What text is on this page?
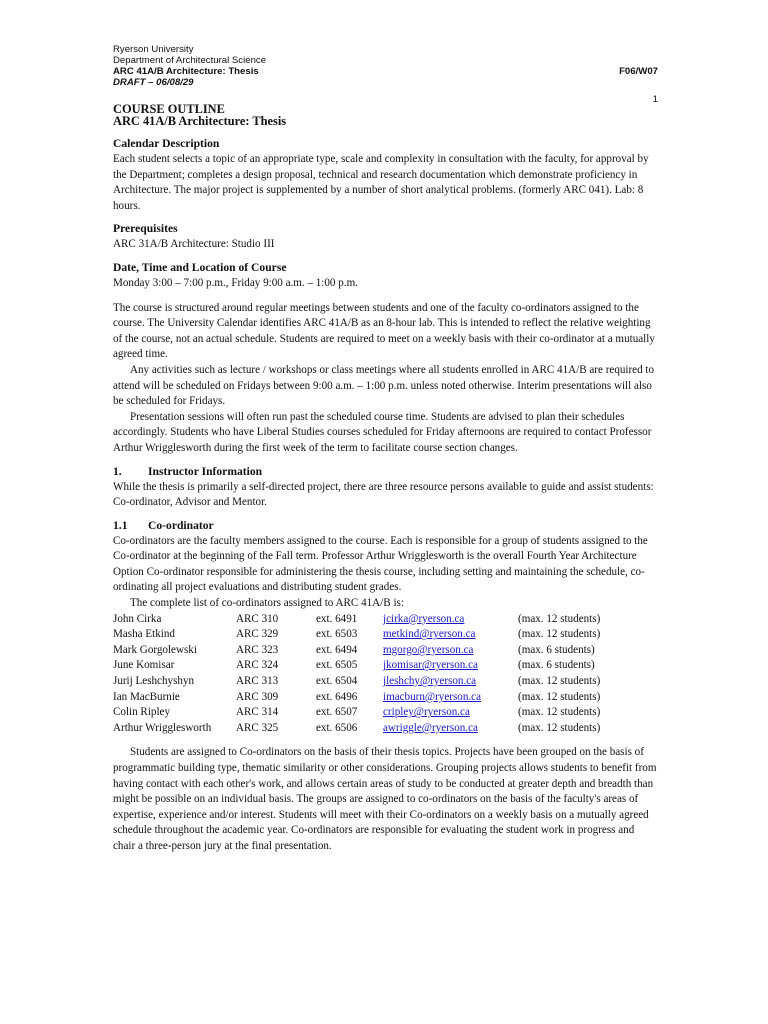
Ryerson University
Department of Architectural Science
ARC 41A/B Architecture: Thesis	F06/W07
DRAFT – 06/08/29
1
COURSE OUTLINE
ARC 41A/B Architecture: Thesis
Calendar Description

Each student selects a topic of an appropriate type, scale and complexity in consultation with the faculty, for approval by the Department; completes a design proposal, technical and research documentation which demonstrate proficiency in Architecture. The major project is supplemented by a number of short analytical problems. (formerly ARC 041). Lab: 8 hours.

Prerequisites

ARC 31A/B Architecture: Studio III

Date, Time and Location of Course

Monday 3:00 – 7:00 p.m., Friday 9:00 a.m. – 1:00 p.m.

The course is structured around regular meetings between students and one of the faculty co-ordinators assigned to the course. The University Calendar identifies ARC 41A/B as an 8-hour lab. This is intended to reflect the relative weighting of the course, not an actual schedule. Students are required to meet on a weekly basis with their co-ordinator at a mutually agreed time.

Any activities such as lecture / workshops or class meetings where all students enrolled in ARC 41A/B are required to attend will be scheduled on Fridays between 9:00 a.m. – 1:00 p.m. unless noted otherwise. Interim presentations will also be scheduled for Fridays.

Presentation sessions will often run past the scheduled course time. Students are advised to plan their schedules accordingly. Students who have Liberal Studies courses scheduled for Friday afternoons are required to contact Professor Arthur Wrigglesworth during the first week of the term to facilitate course section changes.

1.	Instructor Information

While the thesis is primarily a self-directed project, there are three resource persons available to guide and assist students: Co-ordinator, Advisor and Mentor.

1.1	Co-ordinator

Co-ordinators are the faculty members assigned to the course. Each is responsible for a group of students assigned to the Co-ordinator at the beginning of the Fall term. Professor Arthur Wrigglesworth is the overall Fourth Year Architecture Option Co-ordinator responsible for administering the thesis course, including setting and maintaining the schedule, co-ordinating all project evaluations and distributing student grades.

The complete list of co-ordinators assigned to ARC 41A/B is:
John Cirka	ARC 310	ext. 6491	jcirka@ryerson.ca	(max. 12 students)
Masha Etkind	ARC 329	ext. 6503	metkind@ryerson.ca	(max. 12 students)
Mark Gorgolewski	ARC 323	ext. 6494	mgorgo@ryerson.ca	(max. 6 students)
June Komisar	ARC 324	ext. 6505	jkomisar@ryerson.ca	(max. 6 students)
Jurij Leshchyshyn	ARC 313	ext. 6504	jleshchy@ryerson.ca	(max. 12 students)
Ian MacBurnie	ARC 309	ext. 6496	imacburn@ryerson.ca	(max. 12 students)
Colin Ripley	ARC 314	ext. 6507	cripley@ryerson.ca	(max. 12 students)
Arthur Wrigglesworth	ARC 325	ext. 6506	awriggle@ryerson.ca	(max. 12 students)

Students are assigned to Co-ordinators on the basis of their thesis topics. Projects have been grouped on the basis of programmatic building type, thematic similarity or other considerations. Grouping projects allows students to benefit from having contact with each other's work, and allows certain areas of study to be conducted at greater depth and breadth than might be possible on an individual basis. The groups are assigned to co-ordinators on the basis of the faculty's areas of expertise, experience and/or interest. Students will meet with their Co-ordinators on a weekly basis on a mutually agreed schedule throughout the academic year. Co-ordinators are responsible for evaluating the student work in progress and chair a three-person jury at the final presentation.
